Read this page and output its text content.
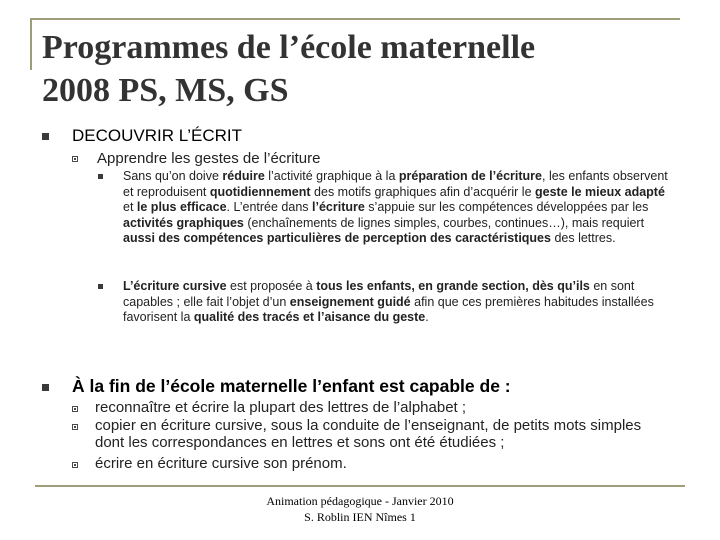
Programmes de l’école maternelle
2008 PS, MS, GS
DECOUVRIR L’ÉCRIT
Apprendre les gestes de l’écriture

Sans qu’on doive réduire l’activité graphique à la préparation de l’écriture, les enfants observent et reproduisent quotidiennement des motifs graphiques afin d’acquérir le geste le mieux adapté et le plus efficace. L’entrée dans l’écriture s’appuie sur les compétences développées par les activités graphiques (enchaînements de lignes simples, courbes, continues…), mais requiert aussi des compétences particulières de perception des caractéristiques des lettres.

L’écriture cursive est proposée à tous les enfants, en grande section, dès qu’ils en sont capables ; elle fait l’objet d’un enseignement guidé afin que ces premières habitudes installées favorisent la qualité des tracés et l’aisance du geste.

À la fin de l’école maternelle l’enfant est capable de :

reconnaître et écrire la plupart des lettres de l’alphabet ;

copier en écriture cursive, sous la conduite de l’enseignant, de petits mots simples dont les correspondances en lettres et sons ont été étudiées ;

écrire en écriture cursive son prénom.

Animation pédagogique - Janvier 2010
S. Roblin IEN Nîmes 1
